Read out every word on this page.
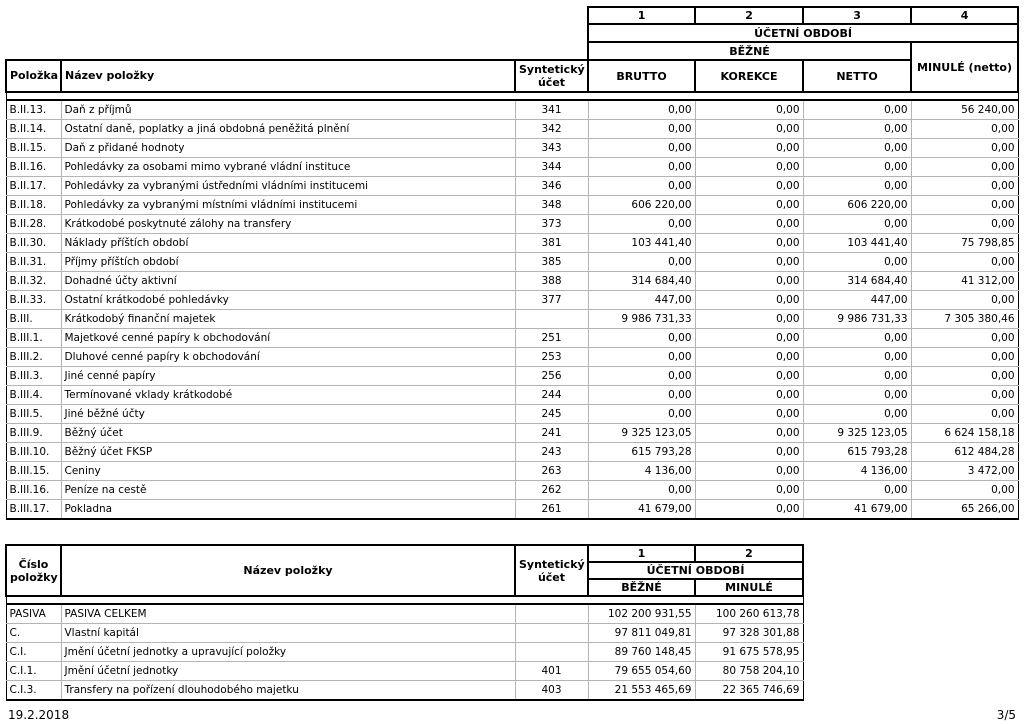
			1	2	3	4
			ÚČETNÍ OBDOBÍ			
			BĚŽNÉ			MINULÉ (netto)
Položka	Název položky	Syntetický účet	BRUTTO	KOREKCE	NETTO	

B.II.13.	Daň z příjmů	341	0,00	0,00	0,00	56 240,00
B.II.14.	Ostatní daně, poplatky a jiná obdobná peněžitá plnění	342	0,00	0,00	0,00	0,00
B.II.15.	Daň z přidané hodnoty	343	0,00	0,00	0,00	0,00
B.II.16.	Pohledávky za osobami mimo vybrané vládní instituce	344	0,00	0,00	0,00	0,00
B.II.17.	Pohledávky za vybranými ústředními vládními institucemi	346	0,00	0,00	0,00	0,00
B.II.18.	Pohledávky za vybranými místními vládními institucemi	348	606 220,00	0,00	606 220,00	0,00
B.II.28.	Krátkodobé poskytnuté zálohy na transfery	373	0,00	0,00	0,00	0,00
B.II.30.	Náklady příštích období	381	103 441,40	0,00	103 441,40	75 798,85
B.II.31.	Příjmy příštích období	385	0,00	0,00	0,00	0,00
B.II.32.	Dohadné účty aktivní	388	314 684,40	0,00	314 684,40	41 312,00
B.II.33.	Ostatní krátkodobé pohledávky	377	447,00	0,00	447,00	0,00
B.III.	Krátkodobý finanční majetek		9 986 731,33	0,00	9 986 731,33	7 305 380,46
B.III.1.	Majetkové cenné papíry k obchodování	251	0,00	0,00	0,00	0,00
B.III.2.	Dluhové cenné papíry k obchodování	253	0,00	0,00	0,00	0,00
B.III.3.	Jiné cenné papíry	256	0,00	0,00	0,00	0,00
B.III.4.	Termínované vklady krátkodobé	244	0,00	0,00	0,00	0,00
B.III.5.	Jiné běžné účty	245	0,00	0,00	0,00	0,00
B.III.9.	Běžný účet	241	9 325 123,05	0,00	9 325 123,05	6 624 158,18
B.III.10.	Běžný účet FKSP	243	615 793,28	0,00	615 793,28	612 484,28
B.III.15.	Ceniny	263	4 136,00	0,00	4 136,00	3 472,00
B.III.16.	Peníze na cestě	262	0,00	0,00	0,00	0,00
B.III.17.	Pokladna	261	41 679,00	0,00	41 679,00	65 266,00
Číslo položky	Název položky	Syntetický účet	1	2
			ÚČETNÍ OBDOBÍ	
			BĚŽNÉ	MINULÉ

PASIVA	PASIVA CELKEM		102 200 931,55	100 260 613,78
C.	Vlastní kapitál		97 811 049,81	97 328 301,88
C.I.	Jmění účetní jednotky a upravující položky		89 760 148,45	91 675 578,95
C.I.1.	Jmění účetní jednotky	401	79 655 054,60	80 758 204,10
C.I.3.	Transfery na pořízení dlouhodobého majetku	403	21 553 465,69	22 365 746,69
19.2.2018	3/5
